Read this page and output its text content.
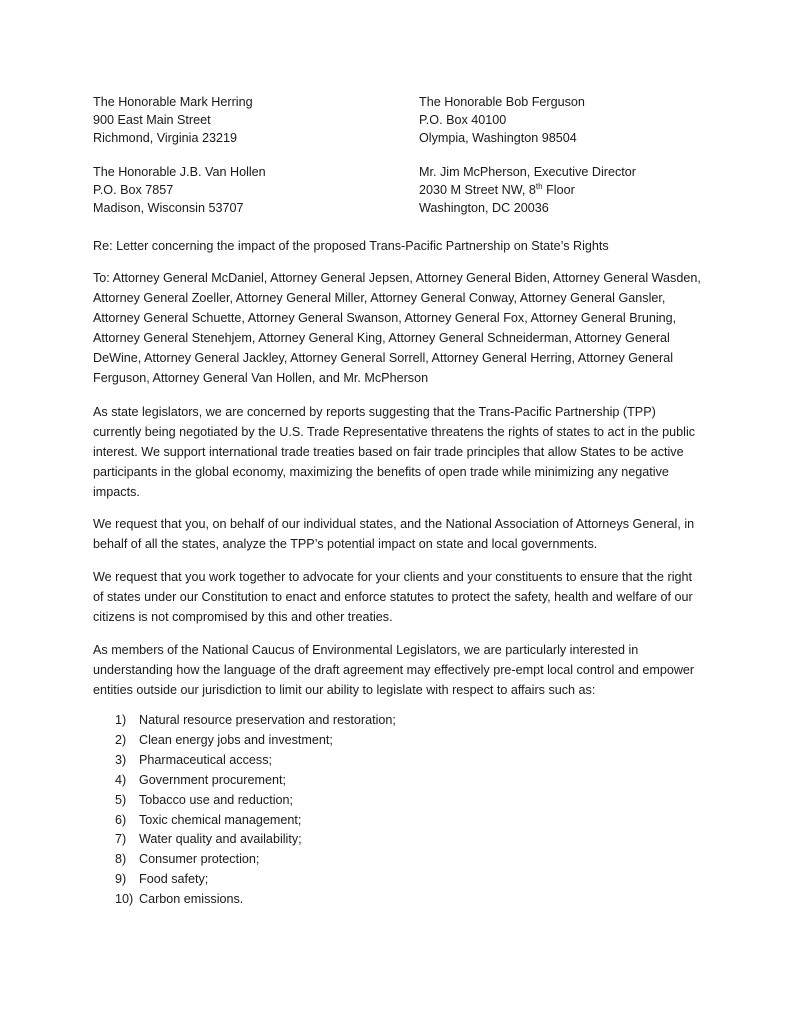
The Honorable Mark Herring
900 East Main Street
Richmond, Virginia 23219
The Honorable Bob Ferguson
P.O. Box 40100
Olympia, Washington 98504
The Honorable J.B. Van Hollen
P.O. Box 7857
Madison, Wisconsin 53707
Mr. Jim McPherson, Executive Director
2030 M Street NW, 8th Floor
Washington, DC 20036

Re: Letter concerning the impact of the proposed Trans-Pacific Partnership on State’s Rights

To: Attorney General McDaniel, Attorney General Jepsen, Attorney General Biden, Attorney General Wasden, Attorney General Zoeller, Attorney General Miller, Attorney General Conway, Attorney General Gansler, Attorney General Schuette, Attorney General Swanson, Attorney General Fox, Attorney General Bruning, Attorney General Stenehjem, Attorney General King, Attorney General Schneiderman, Attorney General DeWine, Attorney General Jackley, Attorney General Sorrell, Attorney General Herring, Attorney General Ferguson, Attorney General Van Hollen, and Mr. McPherson

As state legislators, we are concerned by reports suggesting that the Trans-Pacific Partnership (TPP) currently being negotiated by the U.S. Trade Representative threatens the rights of states to act in the public interest. We support international trade treaties based on fair trade principles that allow States to be active participants in the global economy, maximizing the benefits of open trade while minimizing any negative impacts.

We request that you, on behalf of our individual states, and the National Association of Attorneys General, in behalf of all the states, analyze the TPP’s potential impact on state and local governments.

We request that you work together to advocate for your clients and your constituents to ensure that the right of states under our Constitution to enact and enforce statutes to protect the safety, health and welfare of our citizens is not compromised by this and other treaties.

As members of the National Caucus of Environmental Legislators, we are particularly interested in understanding how the language of the draft agreement may effectively pre-empt local control and empower entities outside our jurisdiction to limit our ability to legislate with respect to affairs such as:

1)	Natural resource preservation and restoration;
2)	Clean energy jobs and investment;
3)	Pharmaceutical access;
4)	Government procurement;
5)	Tobacco use and reduction;
6)	Toxic chemical management;
7)	Water quality and availability;
8)	Consumer protection;
9)	Food safety;
10) Carbon emissions.
